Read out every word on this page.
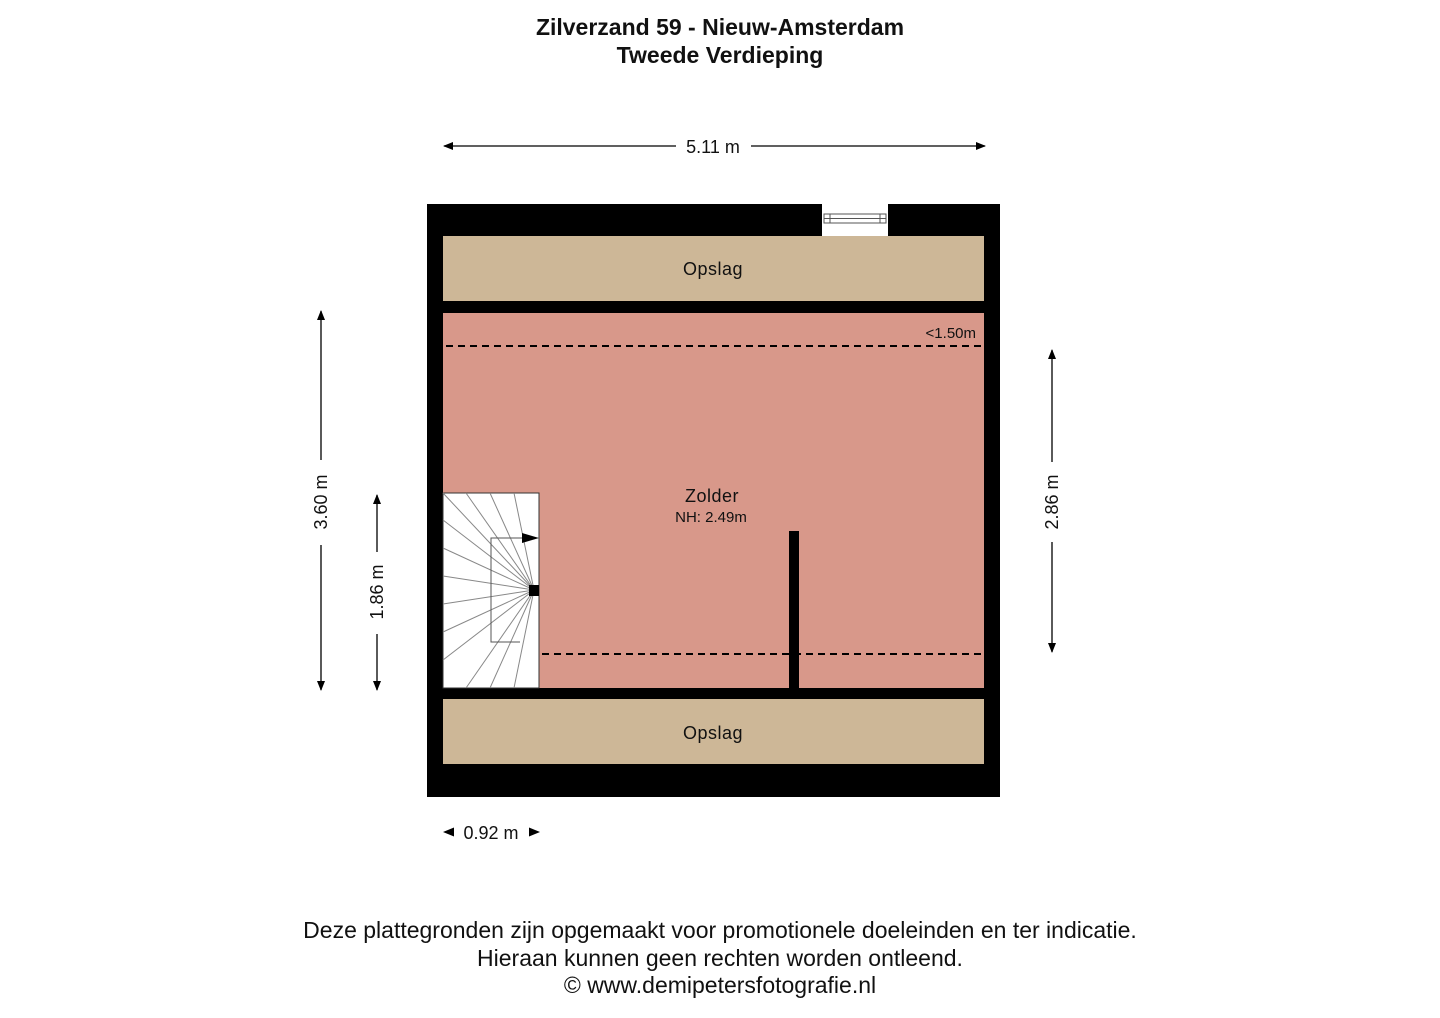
Zilverzand 59 - Nieuw-Amsterdam
Tweede Verdieping
Opslag
Opslag
Zolder
NH: 2.49m
<1.50m
5.11 m
3.60 m
1.86 m
2.86 m
0.92 m
Deze plattegronden zijn opgemaakt voor promotionele doeleinden en ter indicatie.
Hieraan kunnen geen rechten worden ontleend.
© www.demipetersfotografie.nl
